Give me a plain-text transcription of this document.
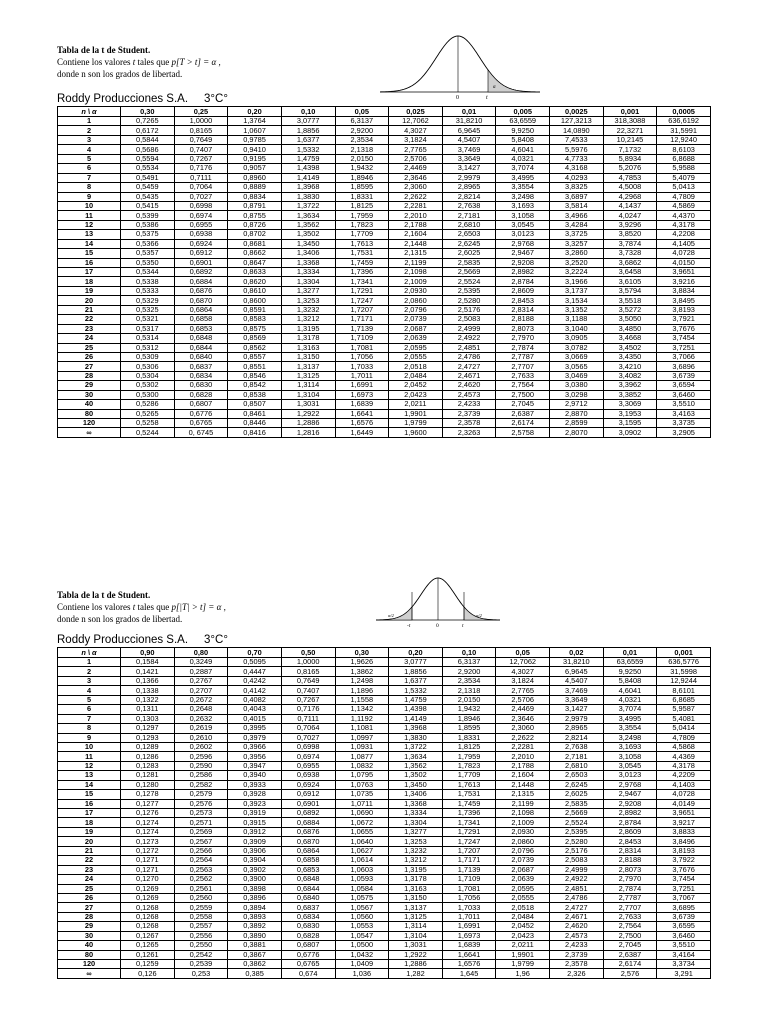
Tabla de la t de Student.
Contiene los valores t tales que p[T > t] = α ,
donde n son los grados de libertad.
0	t
α
Roddy Producciones S.A.     3°C°
n \ α	0,30	0,25	0,20	0,10	0,05	0,025	0,01	0,005	0,0025	0,001	0,0005
1	0,7265	1,0000	1,3764	3,0777	6,3137	12,7062	31,8210	63,6559	127,3213	318,3088	636,6192
2	0,6172	0,8165	1,0607	1,8856	2,9200	4,3027	6,9645	9,9250	14,0890	22,3271	31,5991
3	0,5844	0,7649	0,9785	1,6377	2,3534	3,1824	4,5407	5,8408	7,4533	10,2145	12,9240
4	0,5686	0,7407	0,9410	1,5332	2,1318	2,7765	3,7469	4,6041	5,5976	7,1732	8,6103
5	0,5594	0,7267	0,9195	1,4759	2,0150	2,5706	3,3649	4,0321	4,7733	5,8934	6,8688
6	0,5534	0,7176	0,9057	1,4398	1,9432	2,4469	3,1427	3,7074	4,3168	5,2076	5,9588
7	0,5491	0,7111	0,8960	1,4149	1,8946	2,3646	2,9979	3,4995	4,0293	4,7853	5,4079
8	0,5459	0,7064	0,8889	1,3968	1,8595	2,3060	2,8965	3,3554	3,8325	4,5008	5,0413
9	0,5435	0,7027	0,8834	1,3830	1,8331	2,2622	2,8214	3,2498	3,6897	4,2968	4,7809
10	0,5415	0,6998	0,8791	1,3722	1,8125	2,2281	2,7638	3,1693	3,5814	4,1437	4,5869
11	0,5399	0,6974	0,8755	1,3634	1,7959	2,2010	2,7181	3,1058	3,4966	4,0247	4,4370
12	0,5386	0,6955	0,8726	1,3562	1,7823	2,1788	2,6810	3,0545	3,4284	3,9296	4,3178
13	0,5375	0,6938	0,8702	1,3502	1,7709	2,1604	2,6503	3,0123	3,3725	3,8520	4,2208
14	0,5366	0,6924	0,8681	1,3450	1,7613	2,1448	2,6245	2,9768	3,3257	3,7874	4,1405
15	0,5357	0,6912	0,8662	1,3406	1,7531	2,1315	2,6025	2,9467	3,2860	3,7328	4,0728
16	0,5350	0,6901	0,8647	1,3368	1,7459	2,1199	2,5835	2,9208	3,2520	3,6862	4,0150
17	0,5344	0,6892	0,8633	1,3334	1,7396	2,1098	2,5669	2,8982	3,2224	3,6458	3,9651
18	0,5338	0,6884	0,8620	1,3304	1,7341	2,1009	2,5524	2,8784	3,1966	3,6105	3,9216
19	0,5333	0,6876	0,8610	1,3277	1,7291	2,0930	2,5395	2,8609	3,1737	3,5794	3,8834
20	0,5329	0,6870	0,8600	1,3253	1,7247	2,0860	2,5280	2,8453	3,1534	3,5518	3,8495
21	0,5325	0,6864	0,8591	1,3232	1,7207	2,0796	2,5176	2,8314	3,1352	3,5272	3,8193
22	0,5321	0,6858	0,8583	1,3212	1,7171	2,0739	2,5083	2,8188	3,1188	3,5050	3,7921
23	0,5317	0,6853	0,8575	1,3195	1,7139	2,0687	2,4999	2,8073	3,1040	3,4850	3,7676
24	0,5314	0,6848	0,8569	1,3178	1,7109	2,0639	2,4922	2,7970	3,0905	3,4668	3,7454
25	0,5312	0,6844	0,8562	1,3163	1,7081	2,0595	2,4851	2,7874	3,0782	3,4502	3,7251
26	0,5309	0,6840	0,8557	1,3150	1,7056	2,0555	2,4786	2,7787	3,0669	3,4350	3,7066
27	0,5306	0,6837	0,8551	1,3137	1,7033	2,0518	2,4727	2,7707	3,0565	3,4210	3,6896
28	0,5304	0,6834	0,8546	1,3125	1,7011	2,0484	2,4671	2,7633	3,0469	3,4082	3,6739
29	0,5302	0,6830	0,8542	1,3114	1,6991	2,0452	2,4620	2,7564	3,0380	3,3962	3,6594
30	0,5300	0,6828	0,8538	1,3104	1,6973	2,0423	2,4573	2,7500	3,0298	3,3852	3,6460
40	0,5286	0,6807	0,8507	1,3031	1,6839	2,0211	2,4233	2,7045	2,9712	3,3069	3,5510
80	0,5265	0,6776	0,8461	1,2922	1,6641	1,9901	2,3739	2,6387	2,8870	3,1953	3,4163
120	0,5258	0,6765	0,8446	1,2886	1,6576	1,9799	2,3578	2,6174	2,8599	3,1595	3,3735
∞	0,5244	0, 6745	0,8416	1,2816	1,6449	1,9600	2,3263	2,5758	2,8070	3,0902	3,2905
Tabla de la t de Student.
Contiene los valores t tales que p[|T| > t] = α ,
donde n son los grados de libertad.
-t	0	t
α/2	α/2
Roddy Producciones S.A.     3°C°
n \ α	0,90	0,80	0,70	0,50	0,30	0,20	0,10	0,05	0,02	0,01	0,001
1	0,1584	0,3249	0,5095	1,0000	1,9626	3,0777	6,3137	12,7062	31,8210	63,6559	636,5776
2	0,1421	0,2887	0,4447	0,8165	1,3862	1,8856	2,9200	4,3027	6,9645	9,9250	31,5998
3	0,1366	0,2767	0,4242	0,7649	1,2498	1,6377	2,3534	3,1824	4,5407	5,8408	12,9244
4	0,1338	0,2707	0,4142	0,7407	1,1896	1,5332	2,1318	2,7765	3,7469	4,6041	8,6101
5	0,1322	0,2672	0,4082	0,7267	1,1558	1,4759	2,0150	2,5706	3,3649	4,0321	6,8685
6	0,1311	0,2648	0,4043	0,7176	1,1342	1,4398	1,9432	2,4469	3,1427	3,7074	5,9587
7	0,1303	0,2632	0,4015	0,7111	1,1192	1,4149	1,8946	2,3646	2,9979	3,4995	5,4081
8	0,1297	0,2619	0,3995	0,7064	1,1081	1,3968	1,8595	2,3060	2,8965	3,3554	5,0414
9	0,1293	0,2610	0,3979	0,7027	1,0997	1,3830	1,8331	2,2622	2,8214	3,2498	4,7809
10	0,1289	0,2602	0,3966	0,6998	1,0931	1,3722	1,8125	2,2281	2,7638	3,1693	4,5868
11	0,1286	0,2596	0,3956	0,6974	1,0877	1,3634	1,7959	2,2010	2,7181	3,1058	4,4369
12	0,1283	0,2590	0,3947	0,6955	1,0832	1,3562	1,7823	2,1788	2,6810	3,0545	4,3178
13	0,1281	0,2586	0,3940	0,6938	1,0795	1,3502	1,7709	2,1604	2,6503	3,0123	4,2209
14	0,1280	0,2582	0,3933	0,6924	1,0763	1,3450	1,7613	2,1448	2,6245	2,9768	4,1403
15	0,1278	0,2579	0,3928	0,6912	1,0735	1,3406	1,7531	2,1315	2,6025	2,9467	4,0728
16	0,1277	0,2576	0,3923	0,6901	1,0711	1,3368	1,7459	2,1199	2,5835	2,9208	4,0149
17	0,1276	0,2573	0,3919	0,6892	1,0690	1,3334	1,7396	2,1098	2,5669	2,8982	3,9651
18	0,1274	0,2571	0,3915	0,6884	1,0672	1,3304	1,7341	2,1009	2,5524	2,8784	3,9217
19	0,1274	0,2569	0,3912	0,6876	1,0655	1,3277	1,7291	2,0930	2,5395	2,8609	3,8833
20	0,1273	0,2567	0,3909	0,6870	1,0640	1,3253	1,7247	2,0860	2,5280	2,8453	3,8496
21	0,1272	0,2566	0,3906	0,6864	1,0627	1,3232	1,7207	2,0796	2,5176	2,8314	3,8193
22	0,1271	0,2564	0,3904	0,6858	1,0614	1,3212	1,7171	2,0739	2,5083	2,8188	3,7922
23	0,1271	0,2563	0,3902	0,6853	1,0603	1,3195	1,7139	2,0687	2,4999	2,8073	3,7676
24	0,1270	0,2562	0,3900	0,6848	1,0593	1,3178	1,7109	2,0639	2,4922	2,7970	3,7454
25	0,1269	0,2561	0,3898	0,6844	1,0584	1,3163	1,7081	2,0595	2,4851	2,7874	3,7251
26	0,1269	0,2560	0,3896	0,6840	1,0575	1,3150	1,7056	2,0555	2,4786	2,7787	3,7067
27	0,1268	0,2559	0,3894	0,6837	1,0567	1,3137	1,7033	2,0518	2,4727	2,7707	3,6895
28	0,1268	0,2558	0,3893	0,6834	1,0560	1,3125	1,7011	2,0484	2,4671	2,7633	3,6739
29	0,1268	0,2557	0,3892	0,6830	1,0553	1,3114	1,6991	2,0452	2,4620	2,7564	3,6595
30	0,1267	0,2556	0,3890	0,6828	1,0547	1,3104	1,6973	2,0423	2,4573	2,7500	3,6460
40	0,1265	0,2550	0,3881	0,6807	1,0500	1,3031	1,6839	2,0211	2,4233	2,7045	3,5510
80	0,1261	0,2542	0,3867	0,6776	1,0432	1,2922	1,6641	1,9901	2,3739	2,6387	3,4164
120	0,1259	0,2539	0,3862	0,6765	1,0409	1,2886	1,6576	1,9799	2,3578	2,6174	3,3734
∞	0,126	0,253	0,385	0,674	1,036	1,282	1,645	1,96	2,326	2,576	3,291
